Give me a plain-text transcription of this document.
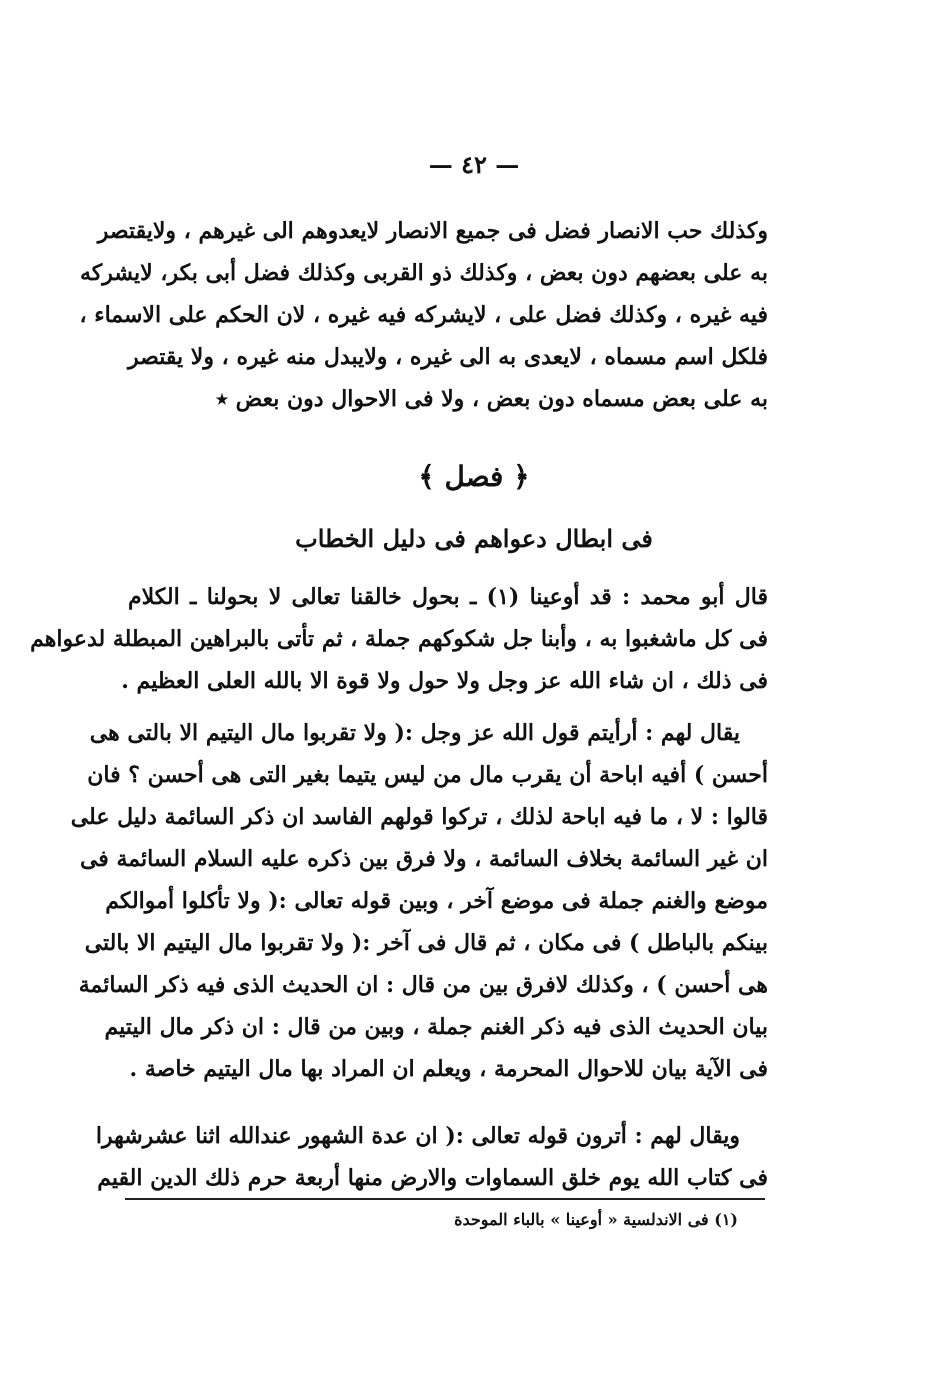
— ٤٢ —
وكذلك حب الانصار فضل فى جميع الانصار لايعدوهم الى غيرهم ، ولايقتصر
به على بعضهم دون بعض ، وكذلك ذو القربى وكذلك فضل أبى بكر، لايشركه
فيه غيره ، وكذلك فضل على ، لايشركه فيه غيره ، لان الحكم على الاسماء ،
فلكل اسم مسماه ، لايعدى به الى غيره ، ولايبدل منه غيره ، ولا يقتصر
به على بعض مسماه دون بعض ، ولا فى الاحوال دون بعض ٭
﴿ فصل ﴾
فى ابطال دعواهم فى دليل الخطاب
قال أبو محمد : قد أوعينا (١) ـ بحول خالقنا تعالى لا بحولنا ـ الكلام
فى كل ماشغبوا به ، وأبنا جل شكوكهم جملة ، ثم تأتى بالبراهين المبطلة لدعواهم
فى ذلك ، ان شاء الله عز وجل ولا حول ولا قوة الا بالله العلى العظيم .
يقال لهم : أرأيتم قول الله عز وجل :( ولا تقربوا مال اليتيم الا بالتى هى
أحسن ) أفيه اباحة أن يقرب مال من ليس يتيما بغير التى هى أحسن ؟ فان
قالوا : لا ، ما فيه اباحة لذلك ، تركوا قولهم الفاسد ان ذكر السائمة دليل على
ان غير السائمة بخلاف السائمة ، ولا فرق بين ذكره عليه السلام السائمة فى
موضع والغنم جملة فى موضع آخر ، وبين قوله تعالى :( ولا تأكلوا أموالكم
بينكم بالباطل ) فى مكان ، ثم قال فى آخر :( ولا تقربوا مال اليتيم الا بالتى
هى أحسن ) ، وكذلك لافرق بين من قال : ان الحديث الذى فيه ذكر السائمة
بيان الحديث الذى فيه ذكر الغنم جملة ، وبين من قال : ان ذكر مال اليتيم
فى الآية بيان للاحوال المحرمة ، ويعلم ان المراد بها مال اليتيم خاصة .
ويقال لهم : أترون قوله تعالى :( ان عدة الشهور عندالله اثنا عشرشهرا
فى كتاب الله يوم خلق السماوات والارض منها أربعة حرم ذلك الدين القيم
(١) فى الاندلسية « أوعينا » بالباء الموحدة
